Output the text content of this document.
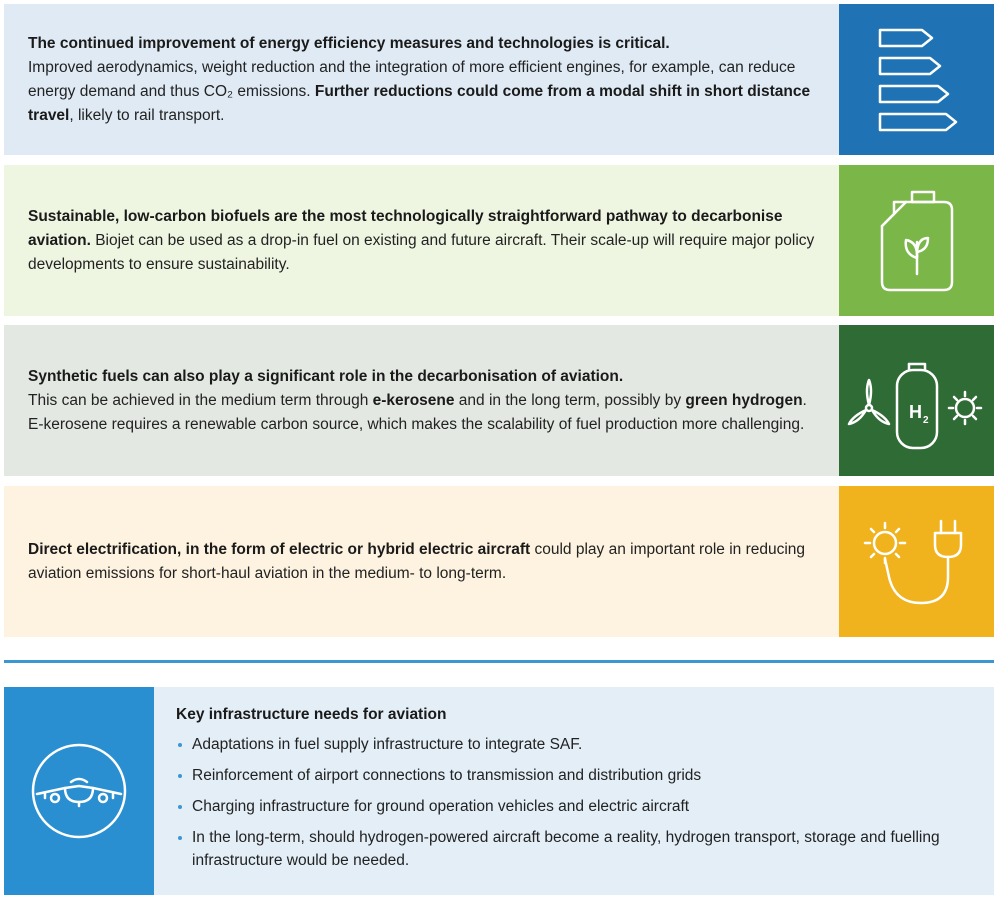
The continued improvement of energy efficiency measures and technologies is critical.
Improved aerodynamics, weight reduction and the integration of more efficient engines, for example, can reduce energy demand and thus CO₂ emissions. Further reductions could come from a modal shift in short distance travel, likely to rail transport.
Sustainable, low-carbon biofuels are the most technologically straightforward pathway to decarbonise aviation. Biojet can be used as a drop-in fuel on existing and future aircraft. Their scale-up will require major policy developments to ensure sustainability.
Synthetic fuels can also play a significant role in the decarbonisation of aviation.
This can be achieved in the medium term through e-kerosene and in the long term, possibly by green hydrogen. E-kerosene requires a renewable carbon source, which makes the scalability of fuel production more challenging.
H 2
Direct electrification, in the form of electric or hybrid electric aircraft could play an important role in reducing aviation emissions for short-haul aviation in the medium- to long-term.
Key infrastructure needs for aviation
Adaptations in fuel supply infrastructure to integrate SAF.
Reinforcement of airport connections to transmission and distribution grids
Charging infrastructure for ground operation vehicles and electric aircraft
In the long-term, should hydrogen-powered aircraft become a reality, hydrogen transport, storage and fuelling infrastructure would be needed.
